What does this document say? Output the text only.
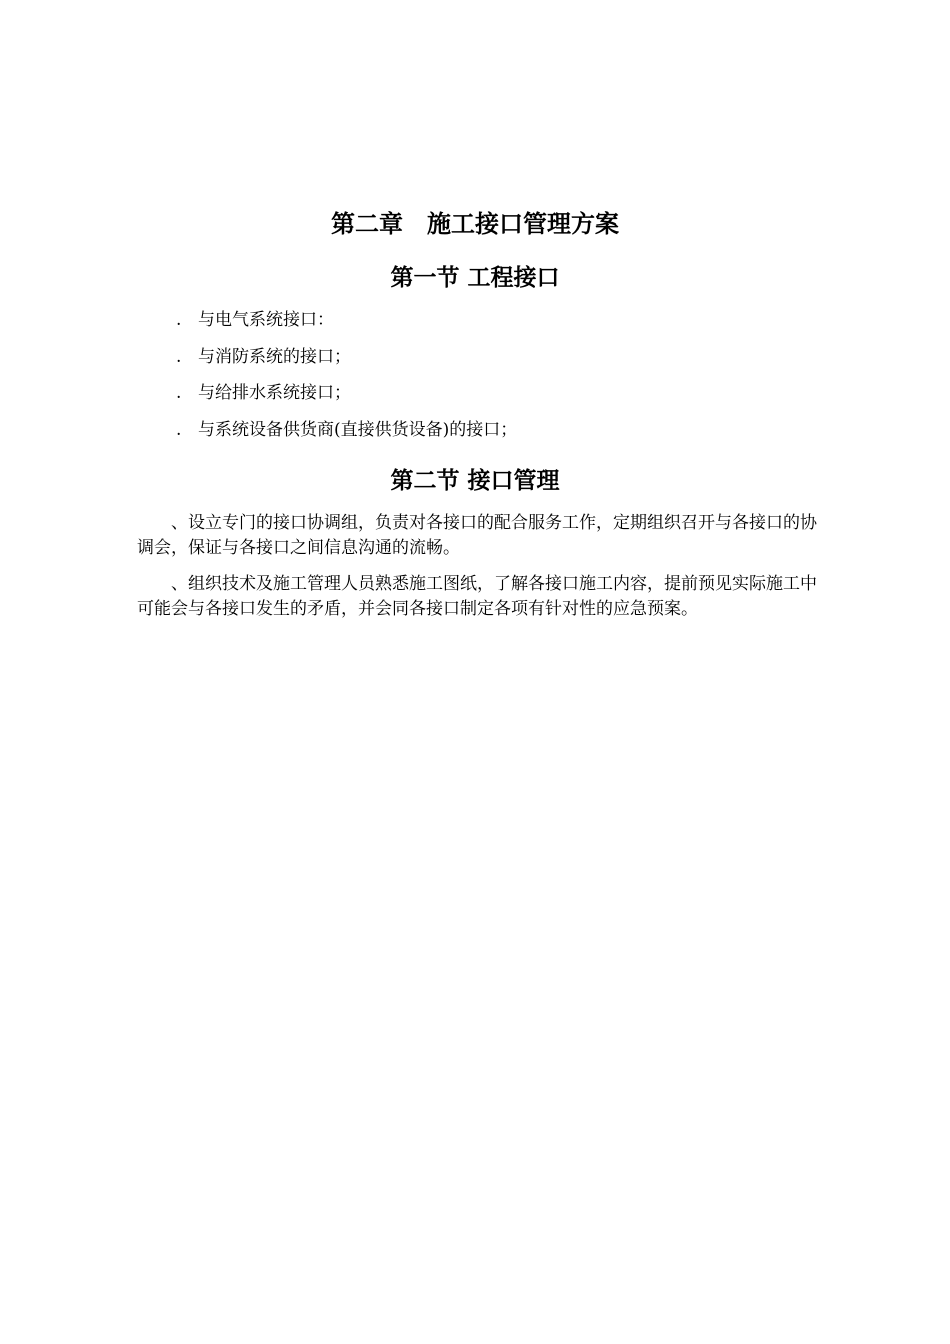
第二章　施工接口管理方案
第一节 工程接口
. 与电气系统接口：
. 与消防系统的接口；
. 与给排水系统接口；
. 与系统设备供货商(直接供货设备)的接口；
第二节 接口管理

、设立专门的接口协调组，负责对各接口的配合服务工作，定期组织召开与各接口的协调会，保证与各接口之间信息沟通的流畅。

、组织技术及施工管理人员熟悉施工图纸，了解各接口施工内容，提前预见实际施工中可能会与各接口发生的矛盾，并会同各接口制定各项有针对性的应急预案。
